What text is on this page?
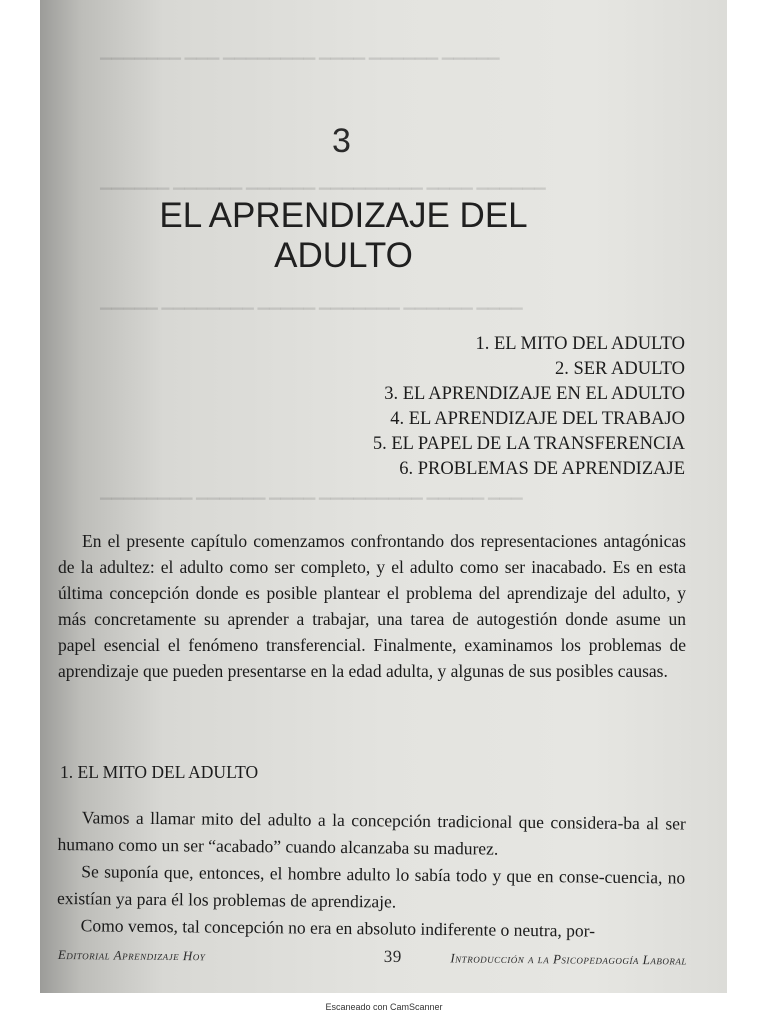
▁▁▁▁▁▁▁ ▁▁▁ ▁▁▁▁▁▁▁▁ ▁▁▁▁ ▁▁▁▁▁▁ ▁▁▁▁▁
▁▁▁▁▁▁ ▁▁▁▁▁▁ ▁▁▁▁▁▁ ▁▁▁▁▁▁▁▁▁ ▁▁▁▁ ▁▁▁▁▁▁
▁▁▁▁▁ ▁▁▁▁▁▁▁▁ ▁▁▁▁▁ ▁▁▁▁▁▁▁ ▁▁▁▁▁▁ ▁▁▁▁
▁▁▁▁▁▁▁▁ ▁▁▁▁▁▁ ▁▁▁▁ ▁▁▁▁▁▁▁▁▁ ▁▁▁▁▁ ▁▁▁
3
EL APRENDIZAJE DEL ADULTO
1. EL MITO DEL ADULTO
2. SER ADULTO
3. EL APRENDIZAJE EN EL ADULTO
4. EL APRENDIZAJE DEL TRABAJO
5. EL PAPEL DE LA TRANSFERENCIA
6. PROBLEMAS DE APRENDIZAJE

En el presente capítulo comenzamos confrontando dos representaciones antagónicas de la adultez: el adulto como ser completo, y el adulto como ser inacabado. Es en esta última concepción donde es posible plantear el problema del aprendizaje del adulto, y más concretamente su aprender a trabajar, una tarea de autogestión donde asume un papel esencial el fenómeno transferencial. Finalmente, examinamos los problemas de aprendizaje que pueden presentarse en la edad adulta, y algunas de sus posibles causas.

1. EL MITO DEL ADULTO

Vamos a llamar mito del adulto a la concepción tradicional que considera-ba al ser humano como un ser “acabado” cuando alcanzaba su madurez.

Se suponía que, entonces, el hombre adulto lo sabía todo y que en conse-cuencia, no existían ya para él los problemas de aprendizaje.

Como vemos, tal concepción no era en absoluto indiferente o neutra, por-

Editorial Aprendizaje Hoy	39	Introducción a la Psicopedagogía Laboral
Escaneado con CamScanner
